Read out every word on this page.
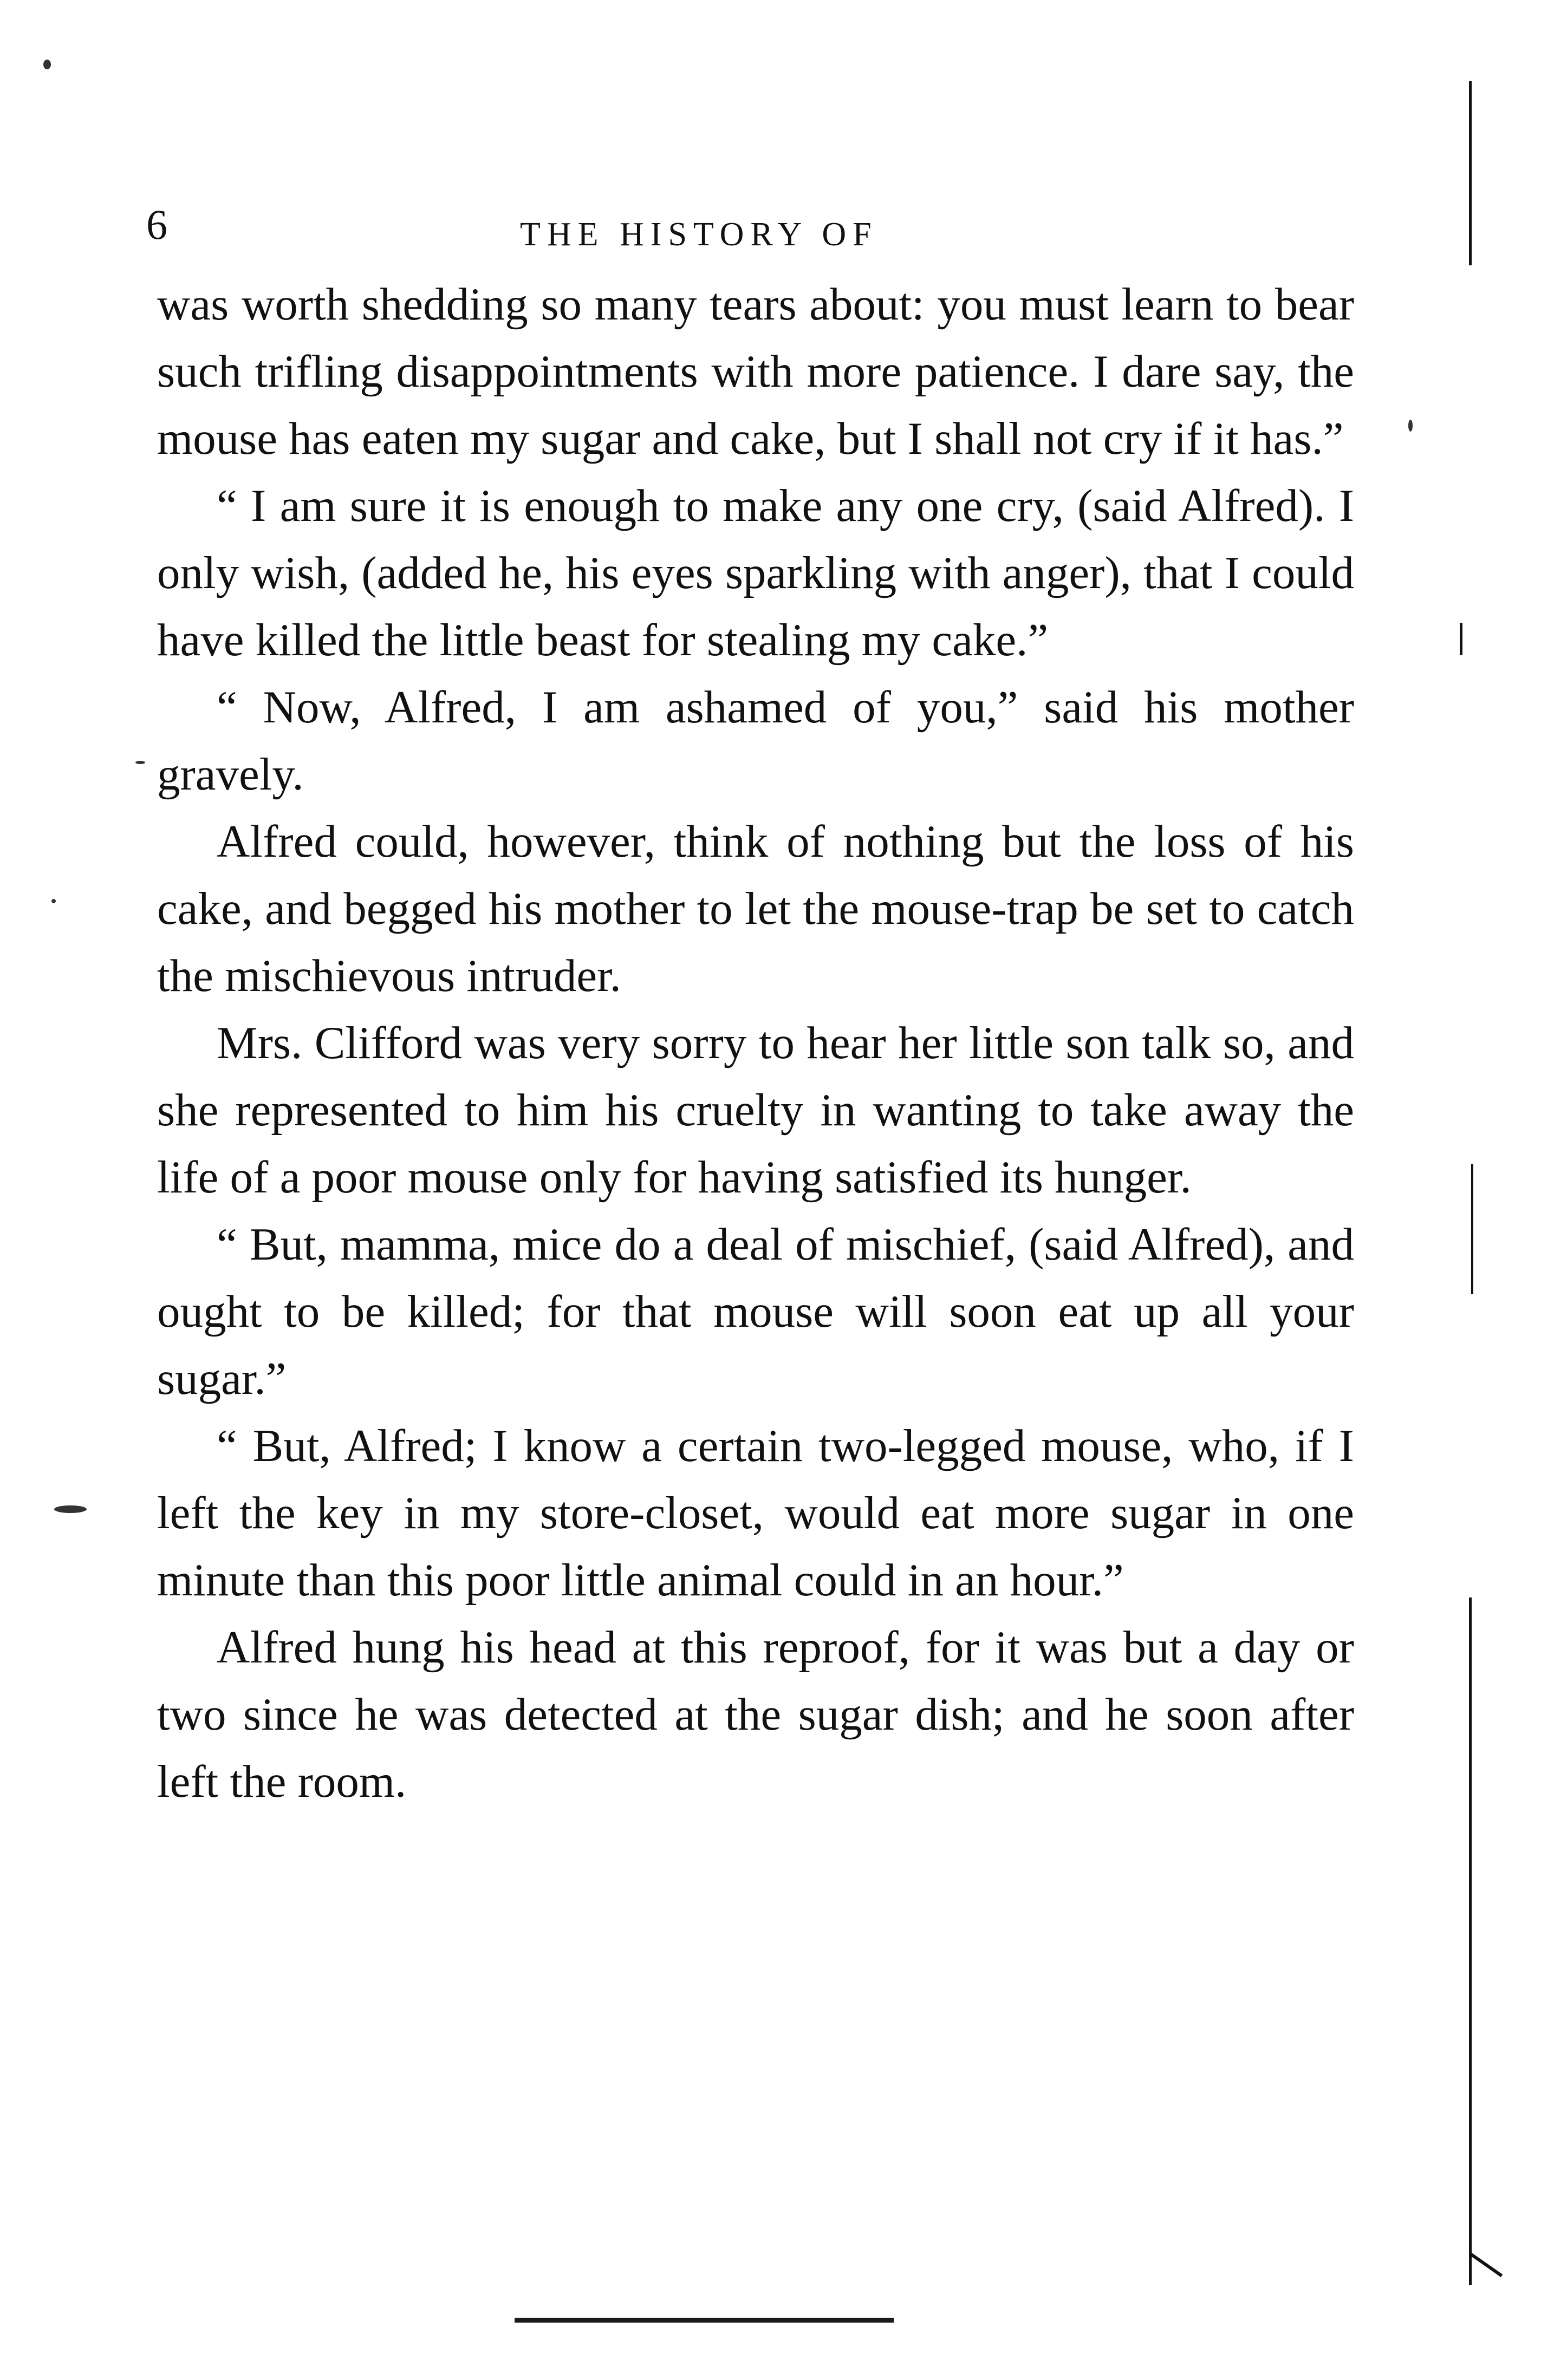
6	THE HISTORY OF

was worth shedding so many tears about: you must learn to bear such trifling disappointments with more patience. I dare say, the mouse has eaten my sugar and cake, but I shall not cry if it has.”

“ I am sure it is enough to make any one cry, (said Alfred). I only wish, (added he, his eyes sparkling with anger), that I could have killed the little beast for stealing my cake.”

“ Now, Alfred, I am ashamed of you,” said his mother gravely.

Alfred could, however, think of nothing but the loss of his cake, and begged his mother to let the mouse-trap be set to catch the mischievous intruder.

Mrs. Clifford was very sorry to hear her little son talk so, and she represented to him his cruelty in wanting to take away the life of a poor mouse only for having satisfied its hunger.

“ But, mamma, mice do a deal of mischief, (said Alfred), and ought to be killed; for that mouse will soon eat up all your sugar.”

“ But, Alfred; I know a certain two-legged mouse, who, if I left the key in my store-closet, would eat more sugar in one minute than this poor little animal could in an hour.”

Alfred hung his head at this reproof, for it was but a day or two since he was detected at the sugar dish; and he soon after left the room.
